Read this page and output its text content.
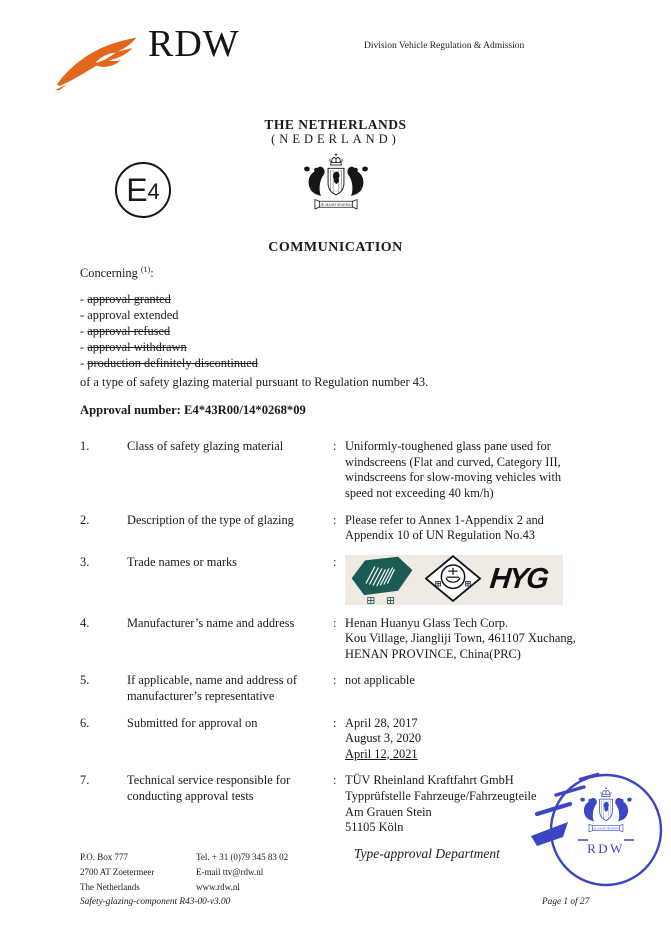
RDW	Division Vehicle Regulation & Admission
THE NETHERLANDS
(NEDERLAND)
E 4
COMMUNICATION
Concerning $^{(1)}$:
- approval granted
- approval extended
- approval refused
- approval withdrawn
- production definitely discontinued
of a type of safety glazing material pursuant to Regulation number 43.
Approval number: E4*43R00/14*0268*09
1.	Class of safety glazing material	: Uniformly-toughened glass pane used for
windscreens (Flat and curved, Category III,
windscreens for slow-moving vehicles with
speed not exceeding 40 km/h)
2.	Description of the type of glazing	: Please refer to Annex 1-Appendix 2 and
Appendix 10 of UN Regulation No.43
3.	Trade names or marks	:
HYG
4.	Manufacturer’s name and address	: Henan Huanyu Glass Tech Corp.
Kou Village, Jiangliji Town, 461107 Xuchang,
HENAN PROVINCE, China(PRC)
5.	If applicable, name and address of
manufacturer’s representative
: not applicable
6.	Submitted for approval on	: April 28, 2017
August 3, 2020
April 12, 2021
7.	Technical service responsible for
conducting approval tests
: TÜV Rheinland Kraftfahrt GmbH
Typprüfstelle Fahrzeuge/Fahrzeugteile
Am Grauen Stein
51105 Köln
P.O. Box 777
2700 AT Zoetermeer
The Netherlands
Tel. + 31 (0)79 345 83 02
E-mail ttv@rdw.nl
www.rdw.nl
Type-approval Department
Safety-glazing-component R43-00-v3.00	Page 1 of 27
RDW
